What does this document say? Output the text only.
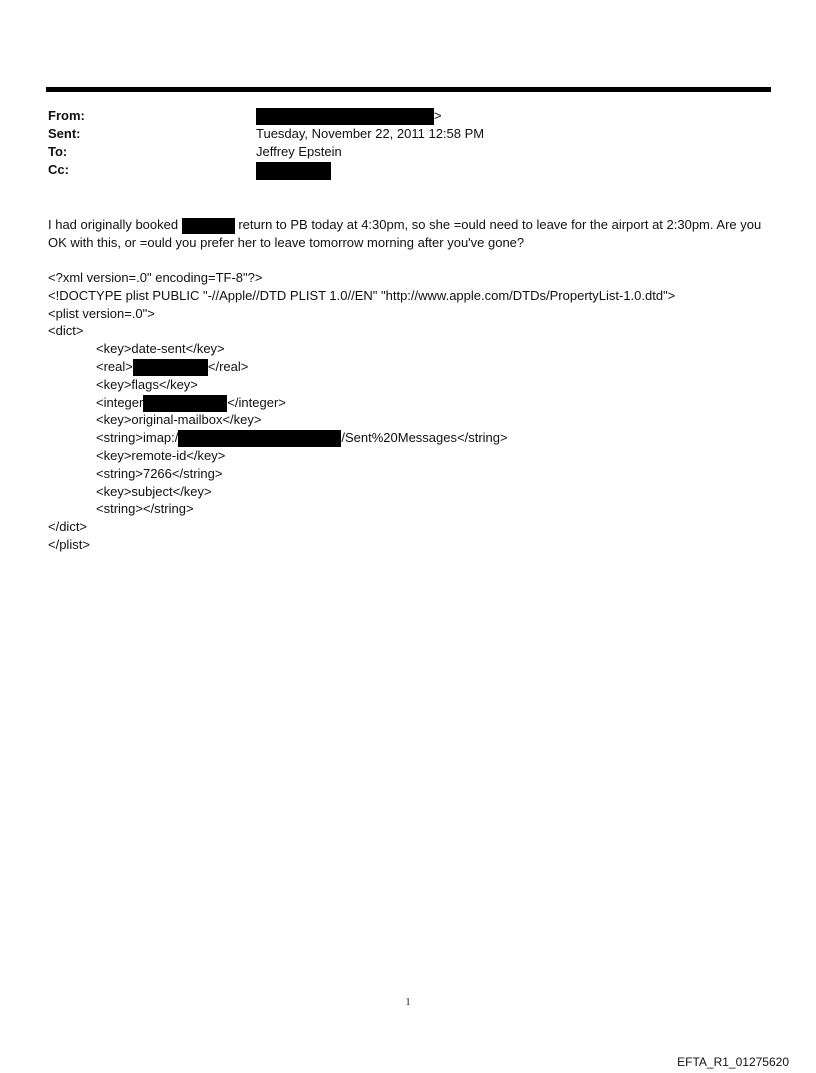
From:	>
Sent:	Tuesday, November 22, 2011 12:58 PM
To:	Jeffrey Epstein
Cc:

I had originally booked	return to PB today at 4:30pm, so she =ould need to leave for the airport at 2:30pm. Are you OK with this, or =ould you prefer her to leave tomorrow morning after you've gone?

<?xml version=.0" encoding=TF-8"?>
<!DOCTYPE plist PUBLIC "-//Apple//DTD PLIST 1.0//EN" "http://www.apple.com/DTDs/PropertyList-1.0.dtd">
<plist version=.0">
<dict>
<key>date-sent</key>
<real>	</real>
<key>flags</key>
<integer	</integer>
<key>original-mailbox</key>
<string>imap:/	/Sent%20Messages</string>
<key>remote-id</key>
<string>7266</string>
<key>subject</key>
<string></string>
</dict>
</plist>
1
EFTA_R1_01275620
